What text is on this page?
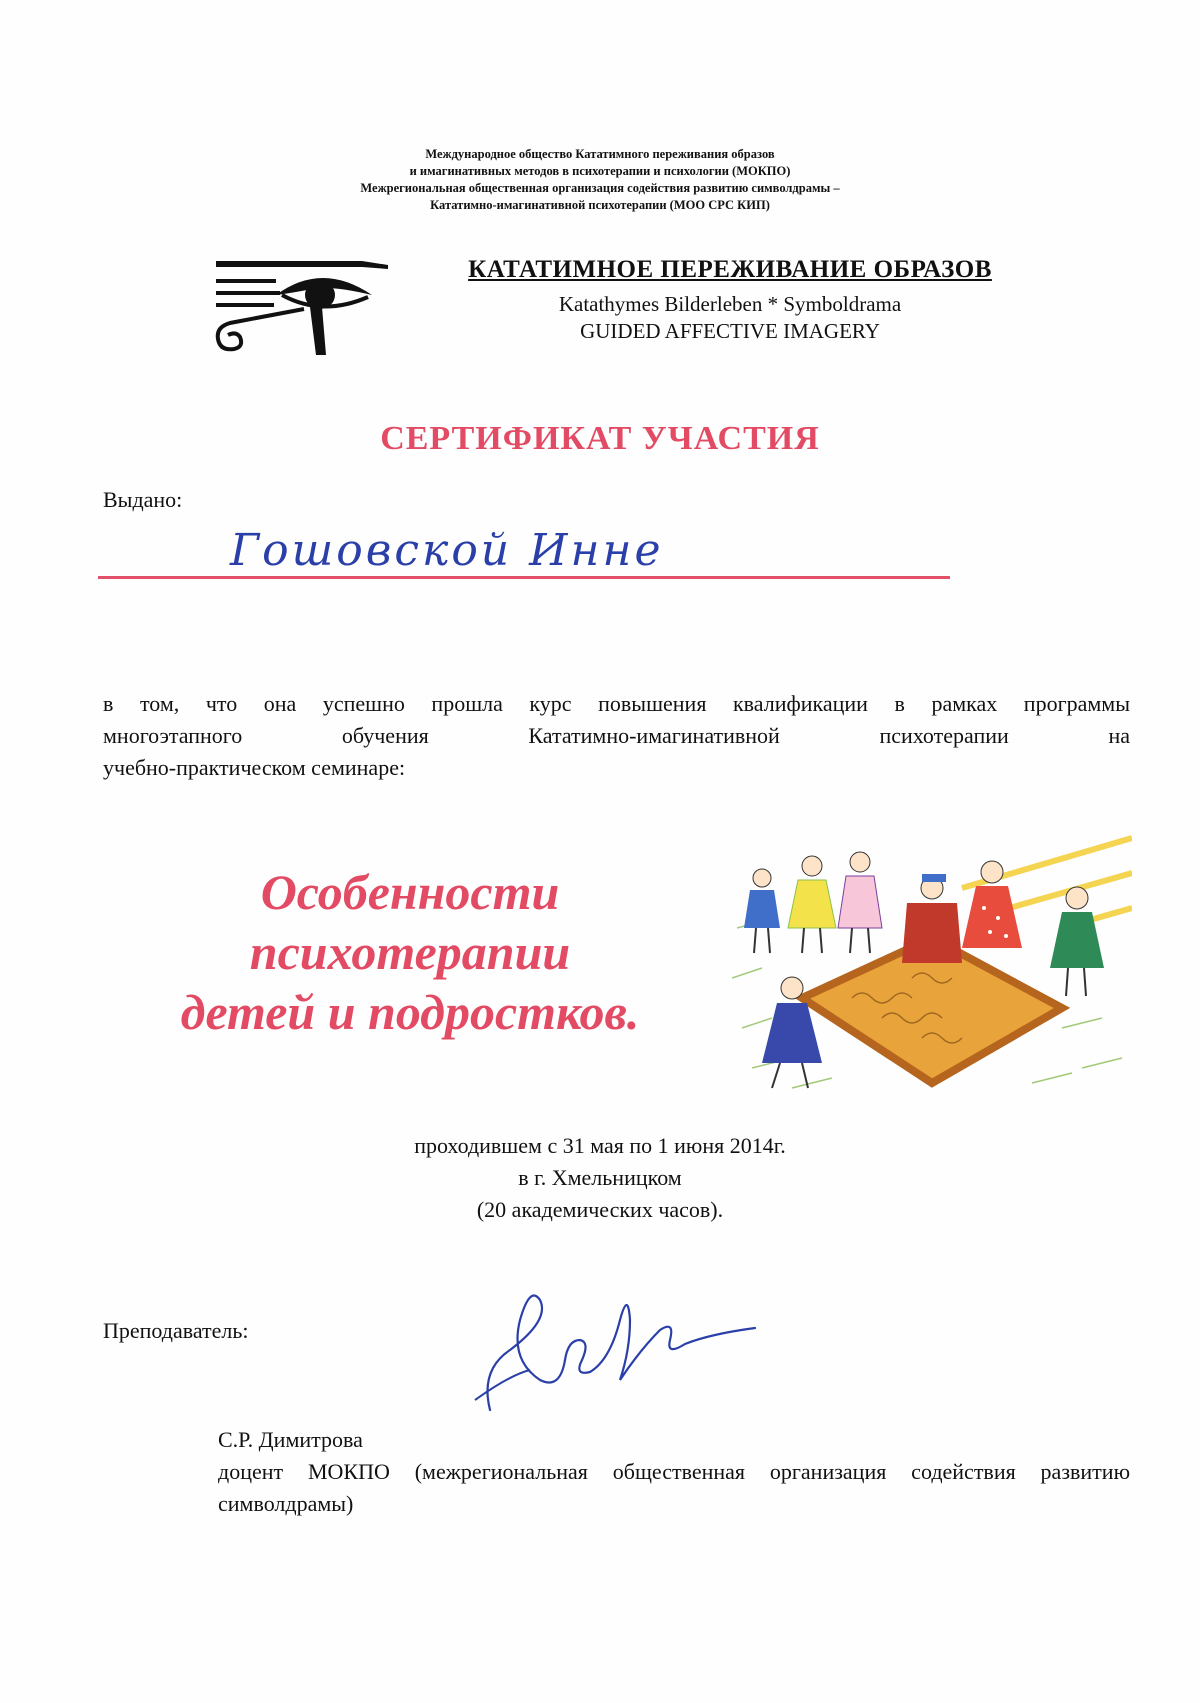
Международное общество Кататимного переживания образов
и имагинативных методов в психотерапии и психологии (МОКПО)
Межрегиональная общественная организация содействия развитию символдрамы –
Кататимно-имагинативной психотерапии (МОО СРС КИП)
КАТАТИМНОЕ ПЕРЕЖИВАНИЕ ОБРАЗОВ
Katathymes Bilderleben * Symboldrama
GUIDED AFFECTIVE IMAGERY
СЕРТИФИКАТ УЧАСТИЯ
Выдано:
Гошовской Инне
в том, что она успешно прошла курс повышения квалификации в рамках программы
многоэтапного обучения Кататимно-имагинативной психотерапии на
учебно-практическом семинаре:
Особенности
психотерапии
детей и подростков.
проходившем с 31 мая по 1 июня 2014г.
в г. Хмельницком
(20 академических часов).
Преподаватель:
С.Р. Димитрова
доцент МОКПО (межрегиональная общественная организация содействия развитию символдрамы)
